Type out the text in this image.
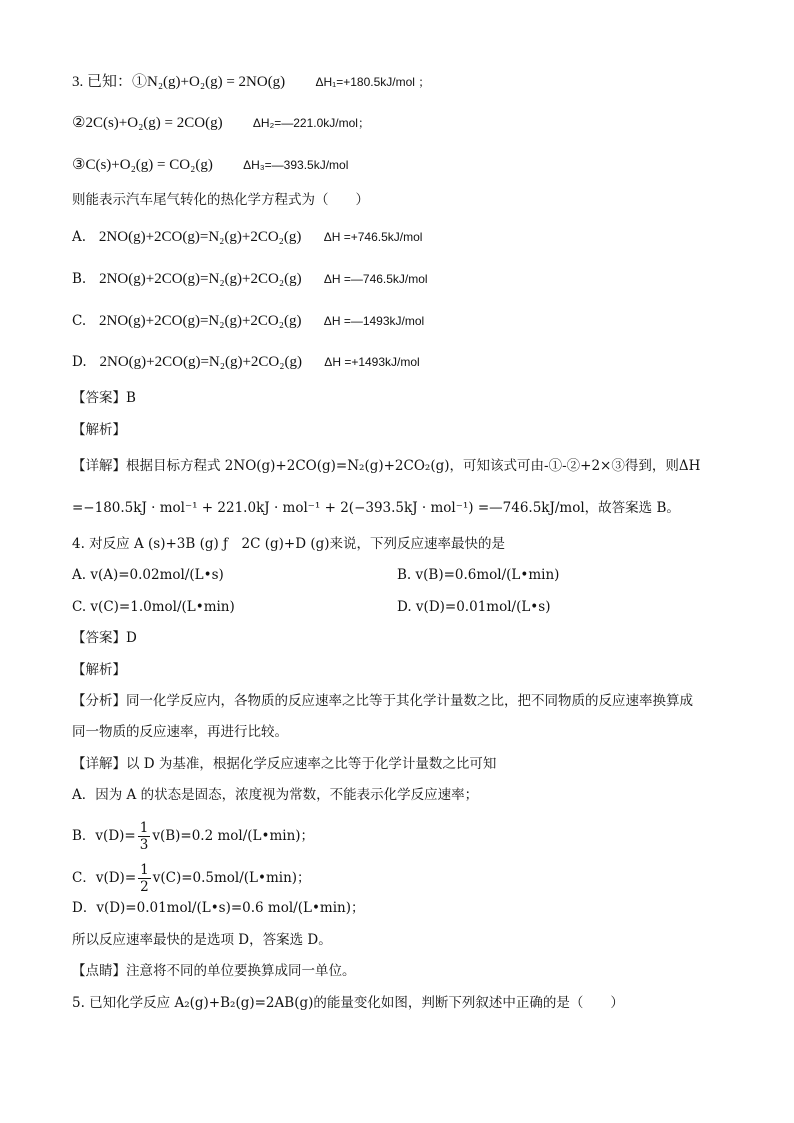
3. 已知：①N₂(g)+O₂(g) = 2NO(g)	ΔH₁=+180.5kJ/mol ；
②2C(s)+O₂(g) = 2CO(g)	ΔH₂=—221.0kJ/mol；
③C(s)+O₂(g) = CO₂(g)	ΔH₃=—393.5kJ/mol
则能表示汽车尾气转化的热化学方程式为（　　）
A. 2NO(g)+2CO(g)=N₂(g)+2CO₂(g) ΔH =+746.5kJ/mol
B. 2NO(g)+2CO(g)=N₂(g)+2CO₂(g) ΔH =—746.5kJ/mol
C. 2NO(g)+2CO(g)=N₂(g)+2CO₂(g) ΔH =—1493kJ/mol
D. 2NO(g)+2CO(g)=N₂(g)+2CO₂(g) ΔH =+1493kJ/mol
【答案】B
【解析】
【详解】根据目标方程式 2NO(g)+2CO(g)=N₂(g)+2CO₂(g)，可知该式可由-①-②+2×③得到，则ΔH
=−180.5kJ · mol⁻¹ + 221.0kJ · mol⁻¹ + 2(−393.5kJ · mol⁻¹) =—746.5kJ/mol，故答案选 B。
4. 对反应 A (s)+3B (g) ƒ　2C (g)+D (g)来说，下列反应速率最快的是
A. v(A)=0.02mol/(L•s)	B. v(B)=0.6mol/(L•min)
C. v(C)=1.0mol/(L•min)	D. v(D)=0.01mol/(L•s)
【答案】D
【解析】
【分析】同一化学反应内，各物质的反应速率之比等于其化学计量数之比，把不同物质的反应速率换算成
同一物质的反应速率，再进行比较。
【详解】以 D 为基准，根据化学反应速率之比等于化学计量数之比可知
A．因为 A 的状态是固态，浓度视为常数，不能表示化学反应速率；
B．$v(D)= \frac{1}{3} v(B)=0.2$ mol/(L•min)；
C．$v(D)= \frac{1}{2}$ v(C)=0.5mol/(L•min)；
D．v(D)=0.01mol/(L•s)=0.6 mol/(L•min)；
所以反应速率最快的是选项 D，答案选 D。
【点睛】注意将不同的单位要换算成同一单位。
5. 已知化学反应 A₂(g)+B₂(g)=2AB(g)的能量变化如图，判断下列叙述中正确的是（　　）
